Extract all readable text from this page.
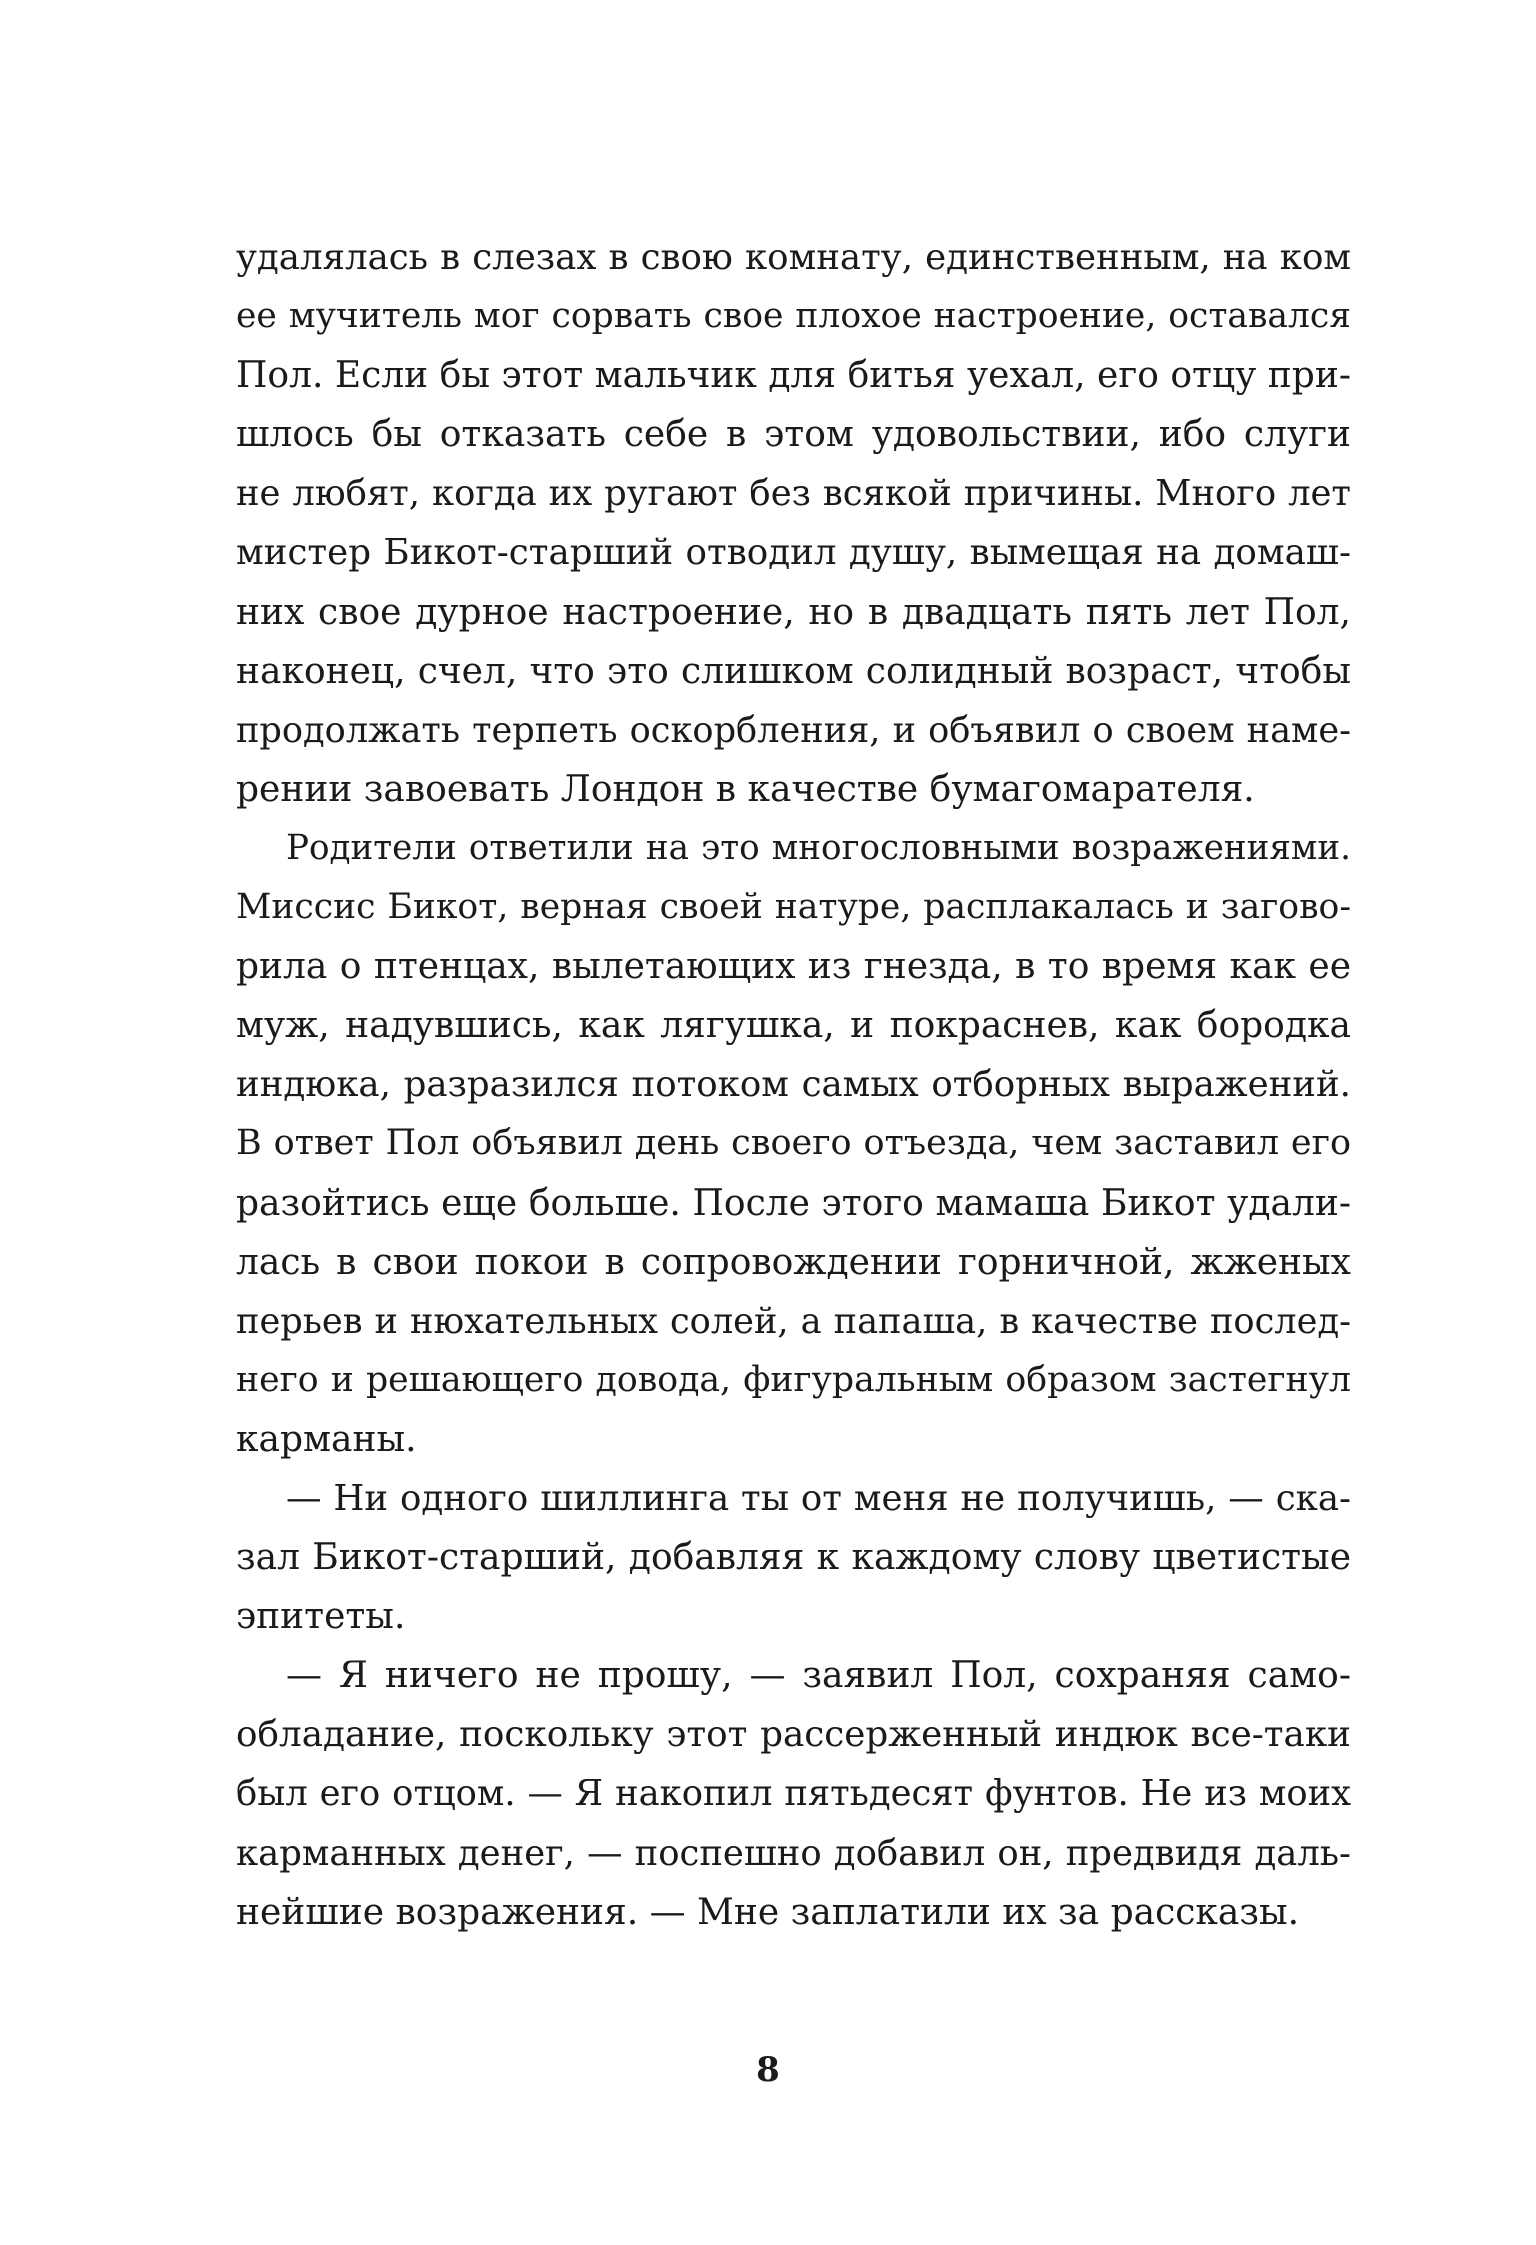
удалялась в слезах в свою комнату, единственным, на ком
ее мучитель мог сорвать свое плохое настроение, оставался
Пол. Если бы этот мальчик для битья уехал, его отцу при-
шлось бы отказать себе в этом удовольствии, ибо слуги
не любят, когда их ругают без всякой причины. Много лет
мистер Бикот-старший отводил душу, вымещая на домаш-
них свое дурное настроение, но в двадцать пять лет Пол,
наконец, счел, что это слишком солидный возраст, чтобы
продолжать терпеть оскорбления, и объявил о своем наме-
рении завоевать Лондон в качестве бумагомарателя.
Родители ответили на это многословными возражениями.
Миссис Бикот, верная своей натуре, расплакалась и загово-
рила о птенцах, вылетающих из гнезда, в то время как ее
муж, надувшись, как лягушка, и покраснев, как бородка
индюка, разразился потоком самых отборных выражений.
В ответ Пол объявил день своего отъезда, чем заставил его
разойтись еще больше. После этого мамаша Бикот удали-
лась в свои покои в сопровождении горничной, жженых
перьев и нюхательных солей, а папаша, в качестве послед-
него и решающего довода, фигуральным образом застегнул
карманы.
— Ни одного шиллинга ты от меня не получишь, — ска-
зал Бикот-старший, добавляя к каждому слову цветистые
эпитеты.
— Я ничего не прошу, — заявил Пол, сохраняя само-
обладание, поскольку этот рассерженный индюк все-таки
был его отцом. — Я накопил пятьдесят фунтов. Не из моих
карманных денег, — поспешно добавил он, предвидя даль-
нейшие возражения. — Мне заплатили их за рассказы.
8
